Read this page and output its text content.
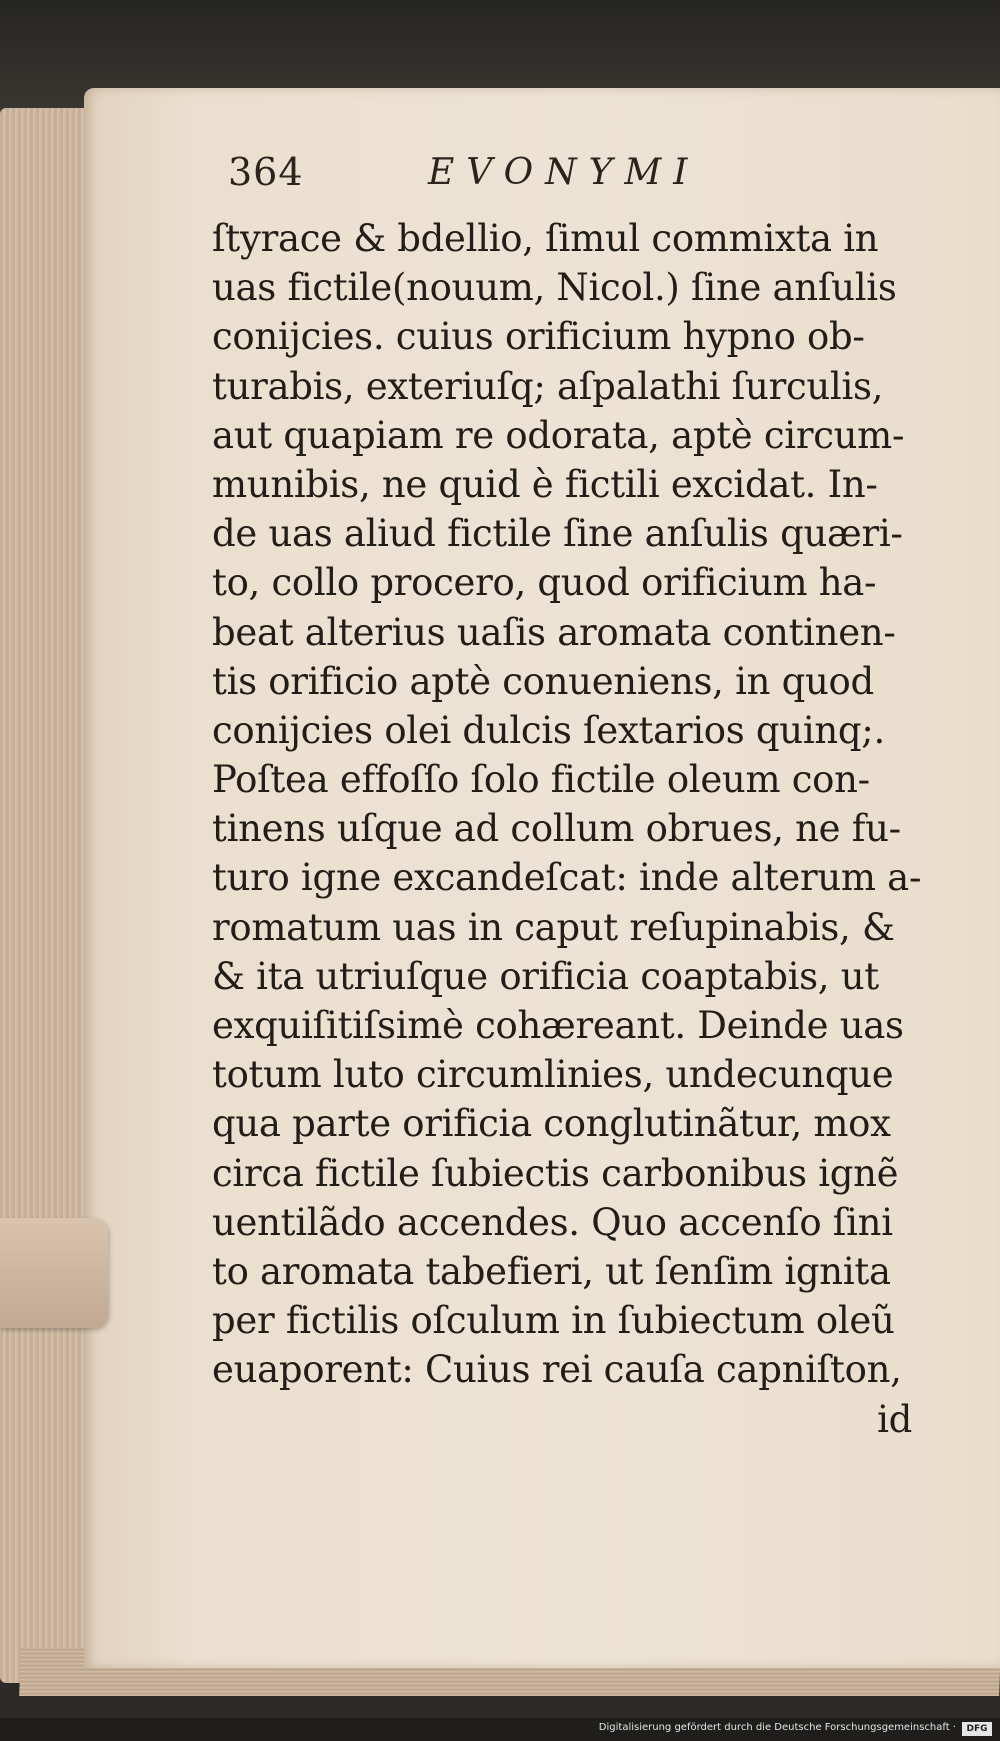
364	EVONYMI
ſtyrace & bdellio, ſimul commixta in
uas fictile(nouum, Nicol.) ſine anſulis
conijcies. cuius orificium hypno ob-
turabis, exteriuſq; aſpalathi ſurculis,
aut quapiam re odorata, aptè circum-
munibis, ne quid è fictili excidat. In-
de uas aliud fictile ſine anſulis quæri-
to, collo procero, quod orificium ha-
beat alterius uaſis aromata continen-
tis orificio aptè conueniens, in quod
conijcies olei dulcis ſextarios quinq;.
Poſtea effoſſo ſolo fictile oleum con-
tinens uſque ad collum obrues, ne fu-
turo igne excandeſcat: inde alterum a-
romatum uas in caput reſupinabis, &
& ita utriuſque orificia coaptabis, ut
exquiſitiſsimè cohæreant. Deinde uas
totum luto circumlinies, undecunque
qua parte orificia conglutinãtur, mox
circa fictile ſubiectis carbonibus ignẽ
uentilãdo accendes. Quo accenſo ſini
to aromata tabefieri, ut ſenſim ignita
per fictilis oſculum in ſubiectum oleũ
euaporent: Cuius rei cauſa capniſton,
id
Digitalisierung gefördert durch die Deutsche Forschungsgemeinschaft ·	DFG
